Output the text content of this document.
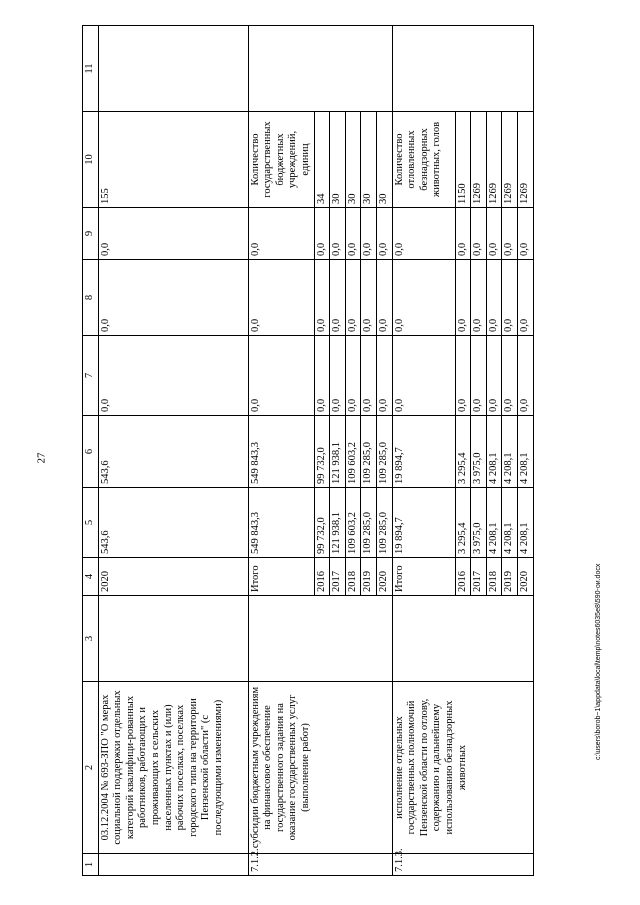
27
c:\users\borob~1\appdata\local\temp\notes6035e8\590-ои.docx
1	2	3	4	5	6	7	8	9	10	11
	03.12.2004 № 693-ЗПО "О мерах социальной поддержки отдельных категорий квалифици-рованных работников, работающих и проживающих в сельских населенных пунктах и (или) рабочих поселках, поселках городского типа на территории Пензенской области" (с последующими изменениями)		2020	543,6	543,6	0,0	0,0	0,0	155	
7.1.2.	субсидии бюджетным учреждениям на финансовое обеспечение государственного задания на оказание государственных услуг (выполнение работ)		Итого	549 843,3	549 843,3	0,0	0,0	0,0	Количество государственных бюджетных учреждений, единиц	
			2016	99 732,0	99 732,0	0,0	0,0	0,0	34	
			2017	121 938,1	121 938,1	0,0	0,0	0,0	30	
			2018	109 603,2	109 603,2	0,0	0,0	0,0	30	
			2019	109 285,0	109 285,0	0,0	0,0	0,0	30	
			2020	109 285,0	109 285,0	0,0	0,0	0,0	30	
7.1.3.	исполнение отдельных государственных полномочий Пензенской области по отлову, содержанию и дальнейшему использованию безнадзорных животных		Итого	19 894,7	19 894,7	0,0	0,0	0,0	Количество отловленных безнадзорных животных, голов	
			2016	3 295,4	3 295,4	0,0	0,0	0,0	1150	
			2017	3 975,0	3 975,0	0,0	0,0	0,0	1269	
			2018	4 208,1	4 208,1	0,0	0,0	0,0	1269	
			2019	4 208,1	4 208,1	0,0	0,0	0,0	1269	
			2020	4 208,1	4 208,1	0,0	0,0	0,0	1269	
